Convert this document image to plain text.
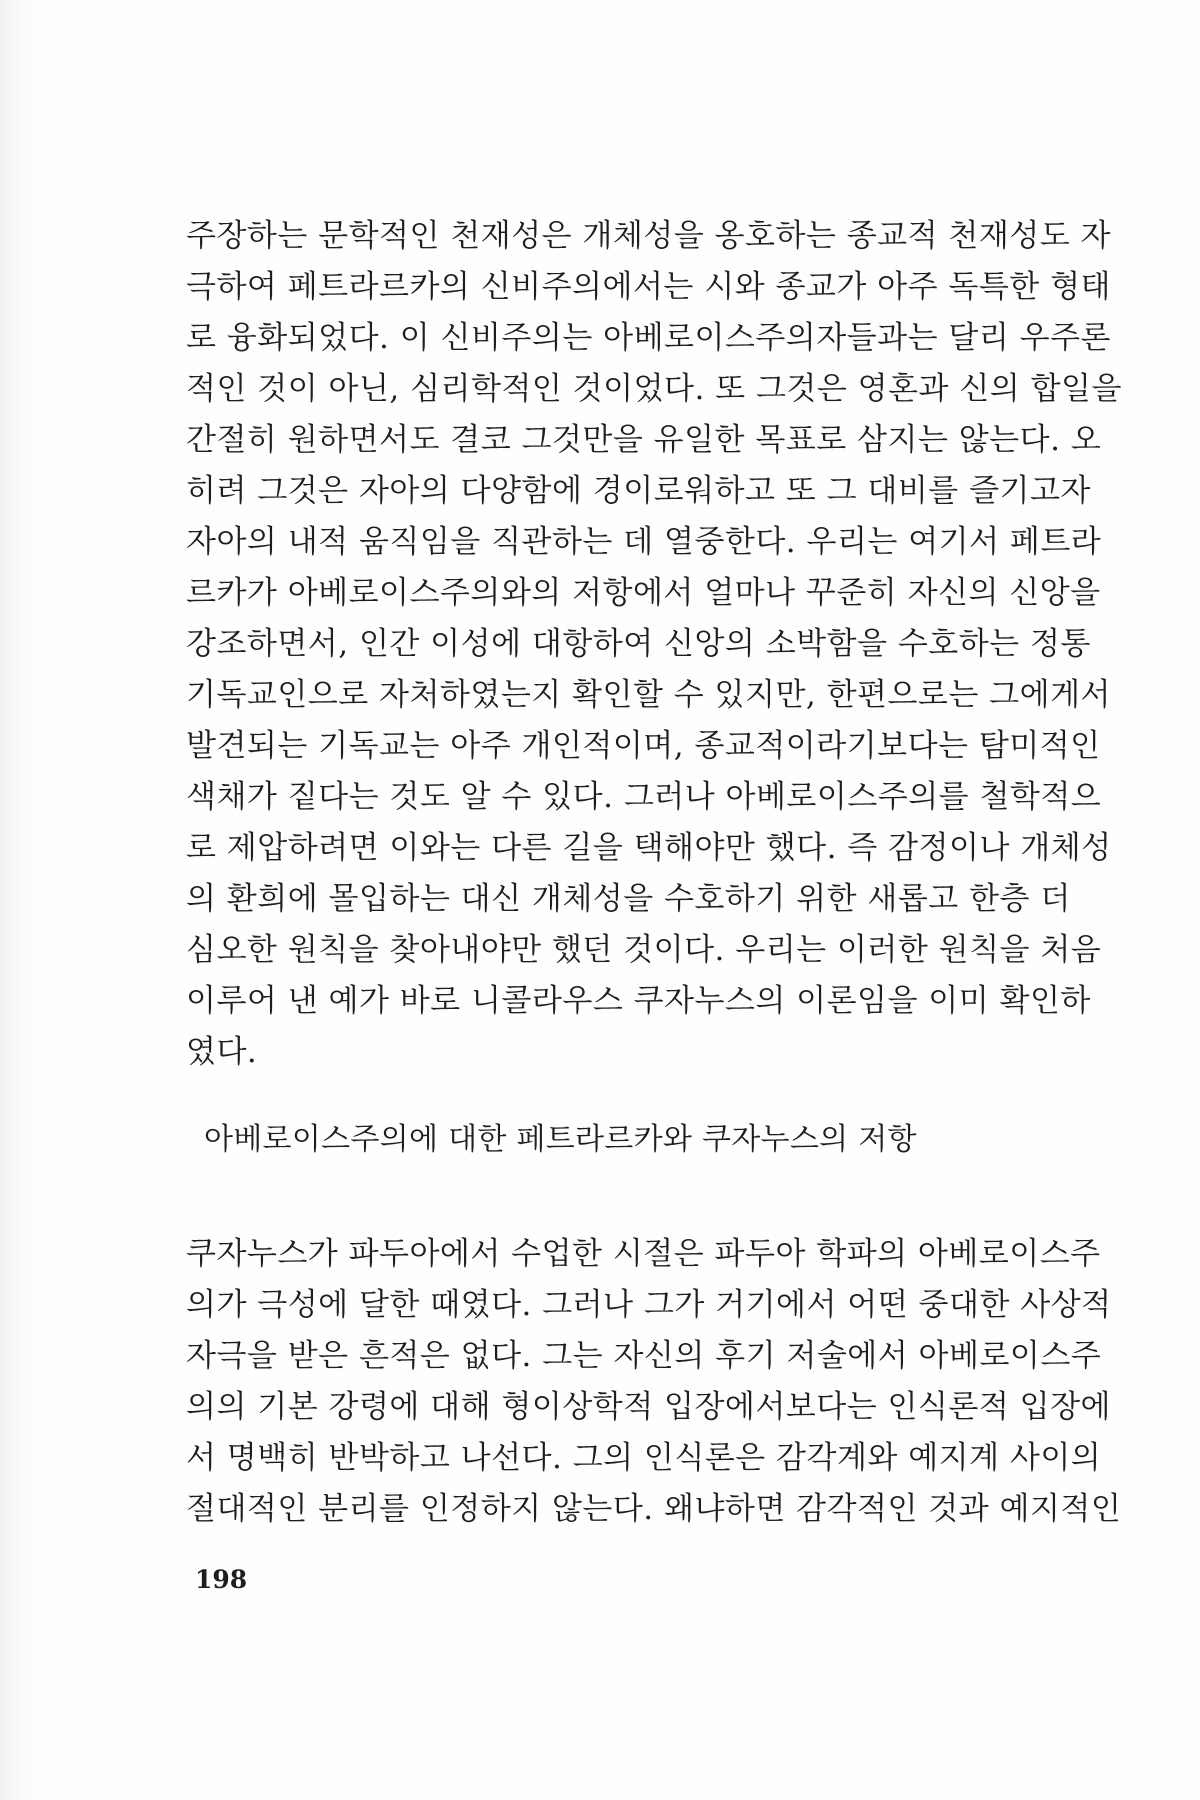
주장하는 문학적인 천재성은 개체성을 옹호하는 종교적 천재성도 자
극하여 페트라르카의 신비주의에서는 시와 종교가 아주 독특한 형태
로 융화되었다. 이 신비주의는 아베로이스주의자들과는 달리 우주론
적인 것이 아닌, 심리학적인 것이었다. 또 그것은 영혼과 신의 합일을
간절히 원하면서도 결코 그것만을 유일한 목표로 삼지는 않는다. 오
히려 그것은 자아의 다양함에 경이로워하고 또 그 대비를 즐기고자
자아의 내적 움직임을 직관하는 데 열중한다. 우리는 여기서 페트라
르카가 아베로이스주의와의 저항에서 얼마나 꾸준히 자신의 신앙을
강조하면서, 인간 이성에 대항하여 신앙의 소박함을 수호하는 정통
기독교인으로 자처하였는지 확인할 수 있지만, 한편으로는 그에게서
발견되는 기독교는 아주 개인적이며, 종교적이라기보다는 탐미적인
색채가 짙다는 것도 알 수 있다. 그러나 아베로이스주의를 철학적으
로 제압하려면 이와는 다른 길을 택해야만 했다. 즉 감정이나 개체성
의 환희에 몰입하는 대신 개체성을 수호하기 위한 새롭고 한층 더
심오한 원칙을 찾아내야만 했던 것이다. 우리는 이러한 원칙을 처음
이루어 낸 예가 바로 니콜라우스 쿠자누스의 이론임을 이미 확인하
였다.
아베로이스주의에 대한 페트라르카와 쿠자누스의 저항
쿠자누스가 파두아에서 수업한 시절은 파두아 학파의 아베로이스주
의가 극성에 달한 때였다. 그러나 그가 거기에서 어떤 중대한 사상적
자극을 받은 흔적은 없다. 그는 자신의 후기 저술에서 아베로이스주
의의 기본 강령에 대해 형이상학적 입장에서보다는 인식론적 입장에
서 명백히 반박하고 나선다. 그의 인식론은 감각계와 예지계 사이의
절대적인 분리를 인정하지 않는다. 왜냐하면 감각적인 것과 예지적인
198
